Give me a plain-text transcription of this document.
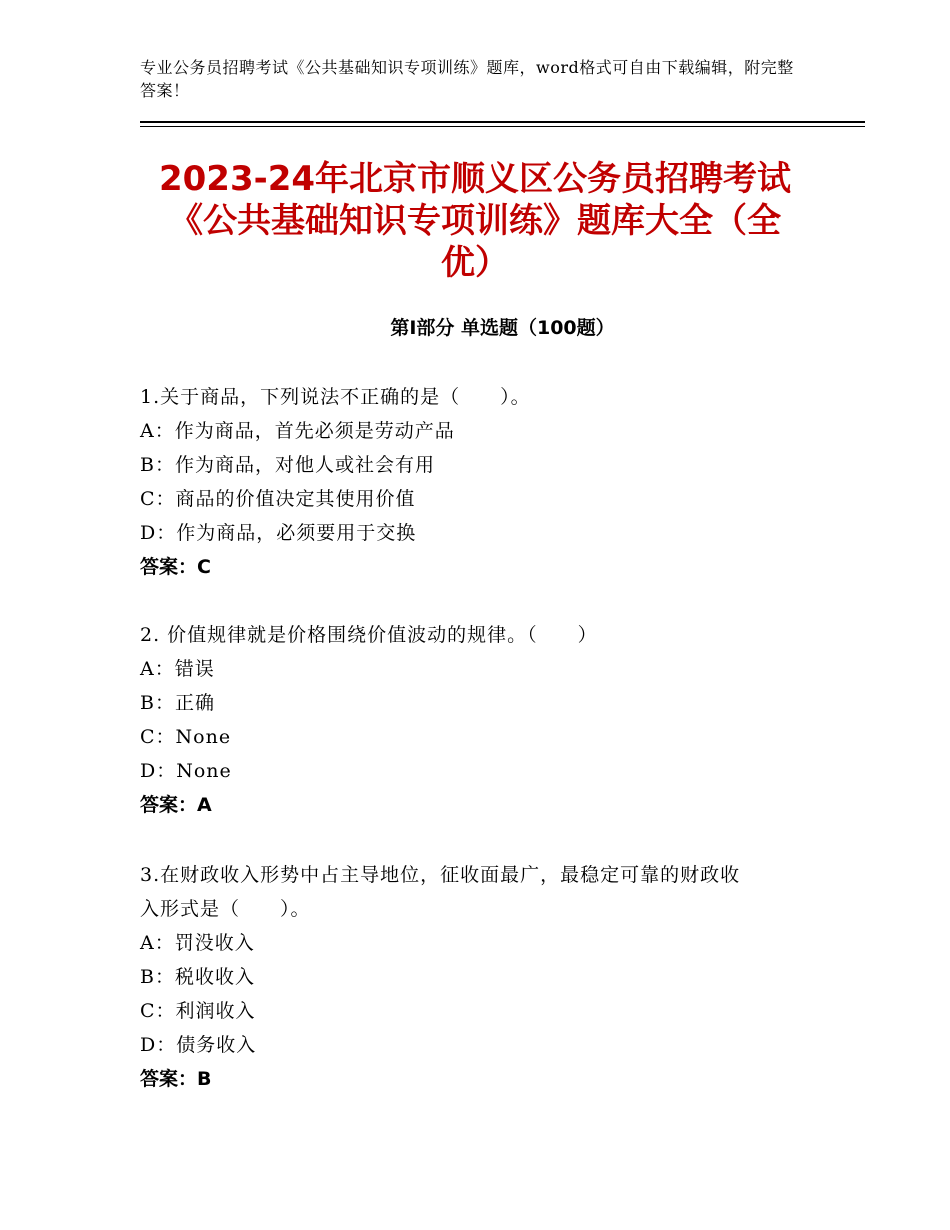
专业公务员招聘考试《公共基础知识专项训练》题库，word格式可自由下载编辑，附完整答案！
2023-24年北京市顺义区公务员招聘考试
《公共基础知识专项训练》题库大全（全
优）
第Ⅰ部分 单选题（100题）
1.关于商品，下列说法不正确的是（　　）。
A：作为商品，首先必须是劳动产品
B：作为商品，对他人或社会有用
C：商品的价值决定其使用价值
D：作为商品，必须要用于交换
答案：C
2. 价值规律就是价格围绕价值波动的规律。（　　）
A：错误
B：正确
C：None
D：None
答案：A
3.在财政收入形势中占主导地位，征收面最广，最稳定可靠的财政收
入形式是（　　）。
A：罚没收入
B：税收收入
C：利润收入
D：债务收入
答案：B
